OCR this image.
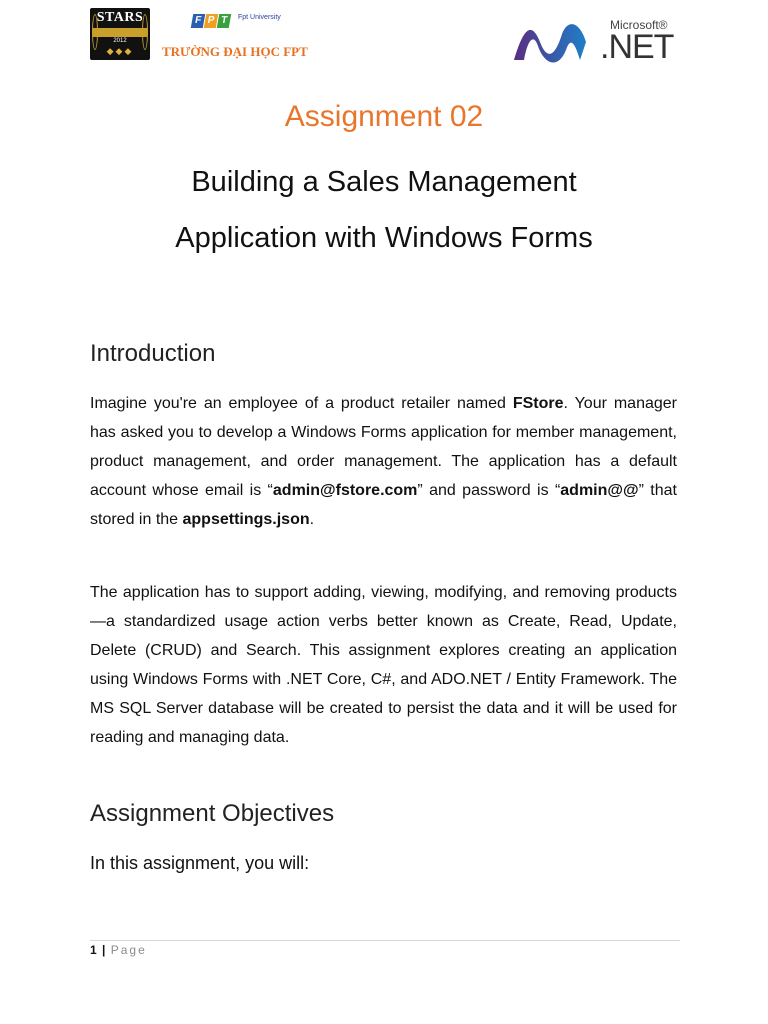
STARS
2012
◆◆◆
F P T	Fpt University
TRƯỜNG ĐẠI HỌC FPT
Microsoft®
.NET
Assignment 02
Building a Sales Management
Application with Windows Forms
Introduction
Imagine you're an employee of a product retailer named FStore. Your manager has asked you to develop a Windows Forms application for member management, product management, and order management. The application has a default account whose email is “admin@fstore.com” and password is “admin@@” that stored in the appsettings.json.
The application has to support adding, viewing, modifying, and removing products—a standardized usage action verbs better known as Create, Read, Update, Delete (CRUD) and Search. This assignment explores creating an application using Windows Forms with .NET Core, C#, and ADO.NET / Entity Framework. The MS SQL Server database will be created to persist the data and it will be used for reading and managing data.
Assignment Objectives
In this assignment, you will:
1 | Page
